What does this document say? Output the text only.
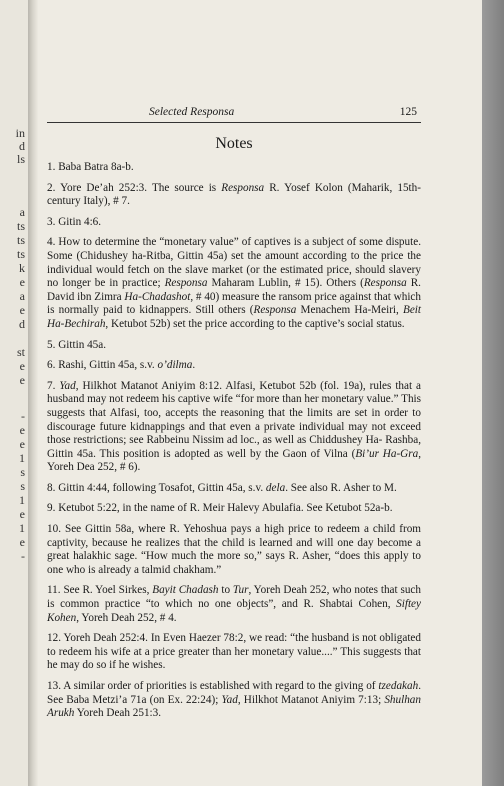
in
d
ls
a
ts
ts
ts
k
e
a
e
d
st
e
e
-
e
e
1
s
s
1
e
1
e
-
Selected Responsa	125
Notes

1. Baba Batra 8a-b.

2. Yore De’ah 252:3. The source is Responsa R. Yosef Kolon (Maharik, 15th-century Italy), # 7.

3. Gitin 4:6.

4. How to determine the “monetary value” of captives is a subject of some dispute. Some (Chidushey ha-Ritba, Gittin 45a) set the amount according to the price the individual would fetch on the slave market (or the estimated price, should slavery no longer be in practice; Responsa Maharam Lublin, # 15). Others (Responsa R. David ibn Zimra Ha-Chadashot, # 40) measure the ransom price against that which is normally paid to kidnappers. Still others (Responsa Menachem Ha-Meiri, Beit Ha-Bechirah, Ketubot 52b) set the price according to the captive’s social status.

5. Gittin 45a.

6. Rashi, Gittin 45a, s.v. o’dilma.

7. Yad, Hilkhot Matanot Aniyim 8:12. Alfasi, Ketubot 52b (fol. 19a), rules that a husband may not redeem his captive wife “for more than her monetary value.” This suggests that Alfasi, too, accepts the reasoning that the limits are set in order to discourage future kidnappings and that even a private individual may not exceed those restrictions; see Rabbeinu Nissim ad loc., as well as Chiddushey Ha- Rashba, Gittin 45a. This position is adopted as well by the Gaon of Vilna (Bi’ur Ha-Gra, Yoreh Dea 252, # 6).

8. Gittin 4:44, following Tosafot, Gittin 45a, s.v. dela. See also R. Asher to M.

9. Ketubot 5:22, in the name of R. Meir Halevy Abulafia. See Ketubot 52a-b.

10. See Gittin 58a, where R. Yehoshua pays a high price to redeem a child from captivity, because he realizes that the child is learned and will one day become a great halakhic sage. “How much the more so,” says R. Asher, “does this apply to one who is already a talmid chakham.”

11. See R. Yoel Sirkes, Bayit Chadash to Tur, Yoreh Deah 252, who notes that such is common practice “to which no one objects”, and R. Shabtai Cohen, Siftey Kohen, Yoreh Deah 252, # 4.

12. Yoreh Deah 252:4. In Even Haezer 78:2, we read: “the husband is not obligated to redeem his wife at a price greater than her monetary value....” This suggests that he may do so if he wishes.

13. A similar order of priorities is established with regard to the giving of tzedakah. See Baba Metzi’a 71a (on Ex. 22:24); Yad, Hilkhot Matanot Aniyim 7:13; Shulhan Arukh Yoreh Deah 251:3.
